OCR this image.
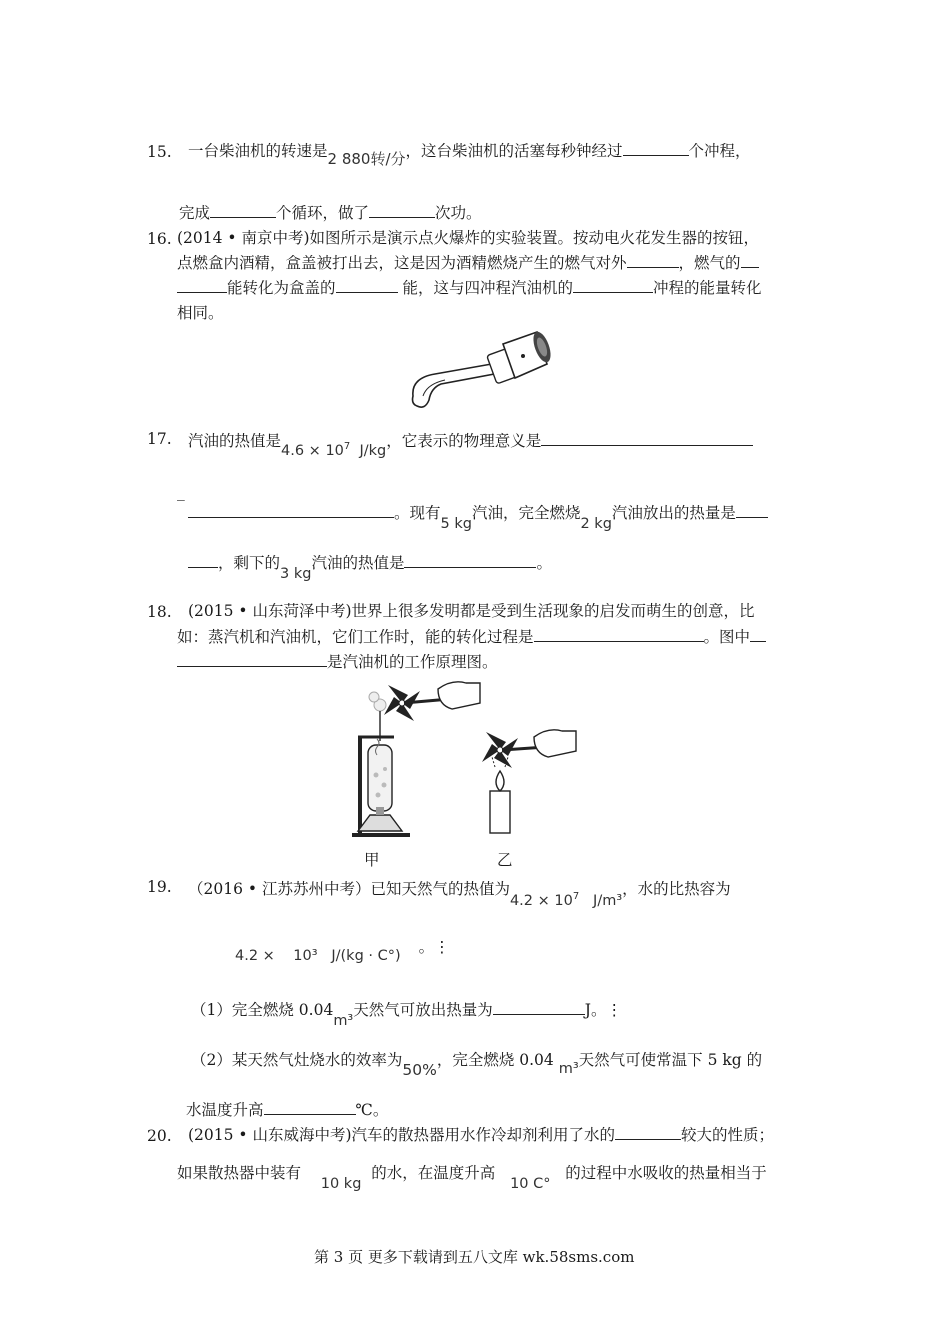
15. 一台柴油机的转速是2 880转/分，这台柴油机的活塞每秒钟经过	个冲程，
完成	个循环，做了	次功。
16. (2014 • 南京中考)如图所示是演示点火爆炸的实验装置。按动电火花发生器的按钮，
点燃盒内酒精，盒盖被打出去，这是因为酒精燃烧产生的燃气对外	，燃气的
能转化为盒盖的	能，这与四冲程汽油机的	冲程的能量转化
相同。
17. 汽油的热值是$4.6 \times 10^7$ J/kg，它表示的物理意义是
_
。现有5 kg汽油，完全燃烧2 kg汽油放出的热量是
，剩下的3 kg汽油的热值是	。
18. (2015 • 山东菏泽中考)世界上很多发明都是受到生活现象的启发而萌生的创意，比
如：蒸汽机和汽油机，它们工作时，能的转化过程是	。图中
是汽油机的工作原理图。
甲	乙
19. （2016 • 江苏苏州中考）已知天然气的热值为$4.2 \times 10^7$ J/m³，水的比热容为
4.2 × 10³ J/(kg · C°) 。⋮
（1）完全燃烧 0.04m³天然气可放出热量为	J。⋮
（2）某天然气灶烧水的效率为50%，完全燃烧 0.04 m³天然气可使常温下 5 kg 的
水温度升高	℃。
20. (2015 • 山东威海中考)汽车的散热器用水作冷却剂利用了水的	较大的性质；
如果散热器中装有    10 kg  的水，在温度升高   10 C°   的过程中水吸收的热量相当于
第 3 页 更多下载请到五八文库 wk.58sms.com
